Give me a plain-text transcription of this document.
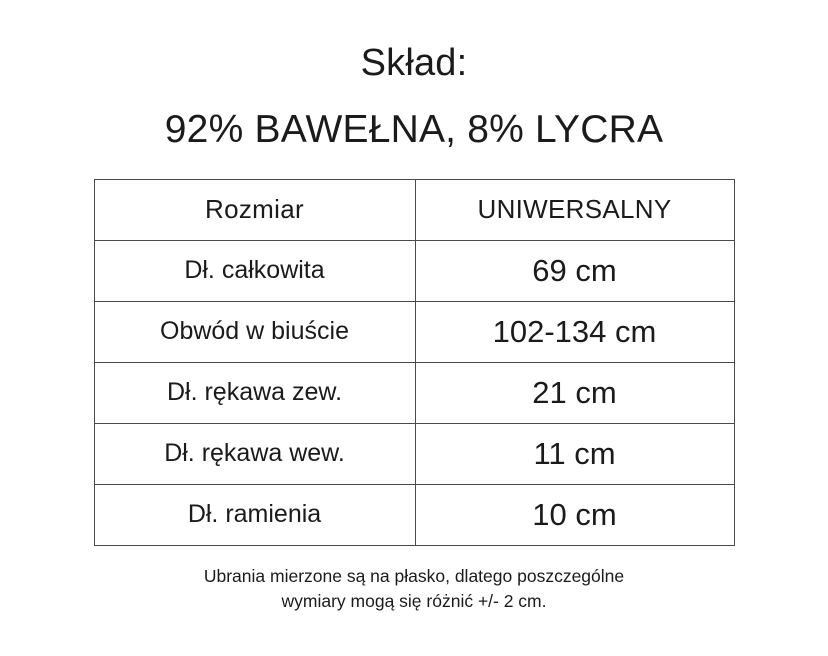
Skład:
92% BAWEŁNA, 8% LYCRA
Rozmiar	UNIWERSALNY
Dł. całkowita	69 cm
Obwód w biuście	102-134 cm
Dł. rękawa zew.	21 cm
Dł. rękawa wew.	11 cm
Dł. ramienia	10 cm
Ubrania mierzone są na płasko, dlatego poszczególne
wymiary mogą się różnić +/- 2 cm.
